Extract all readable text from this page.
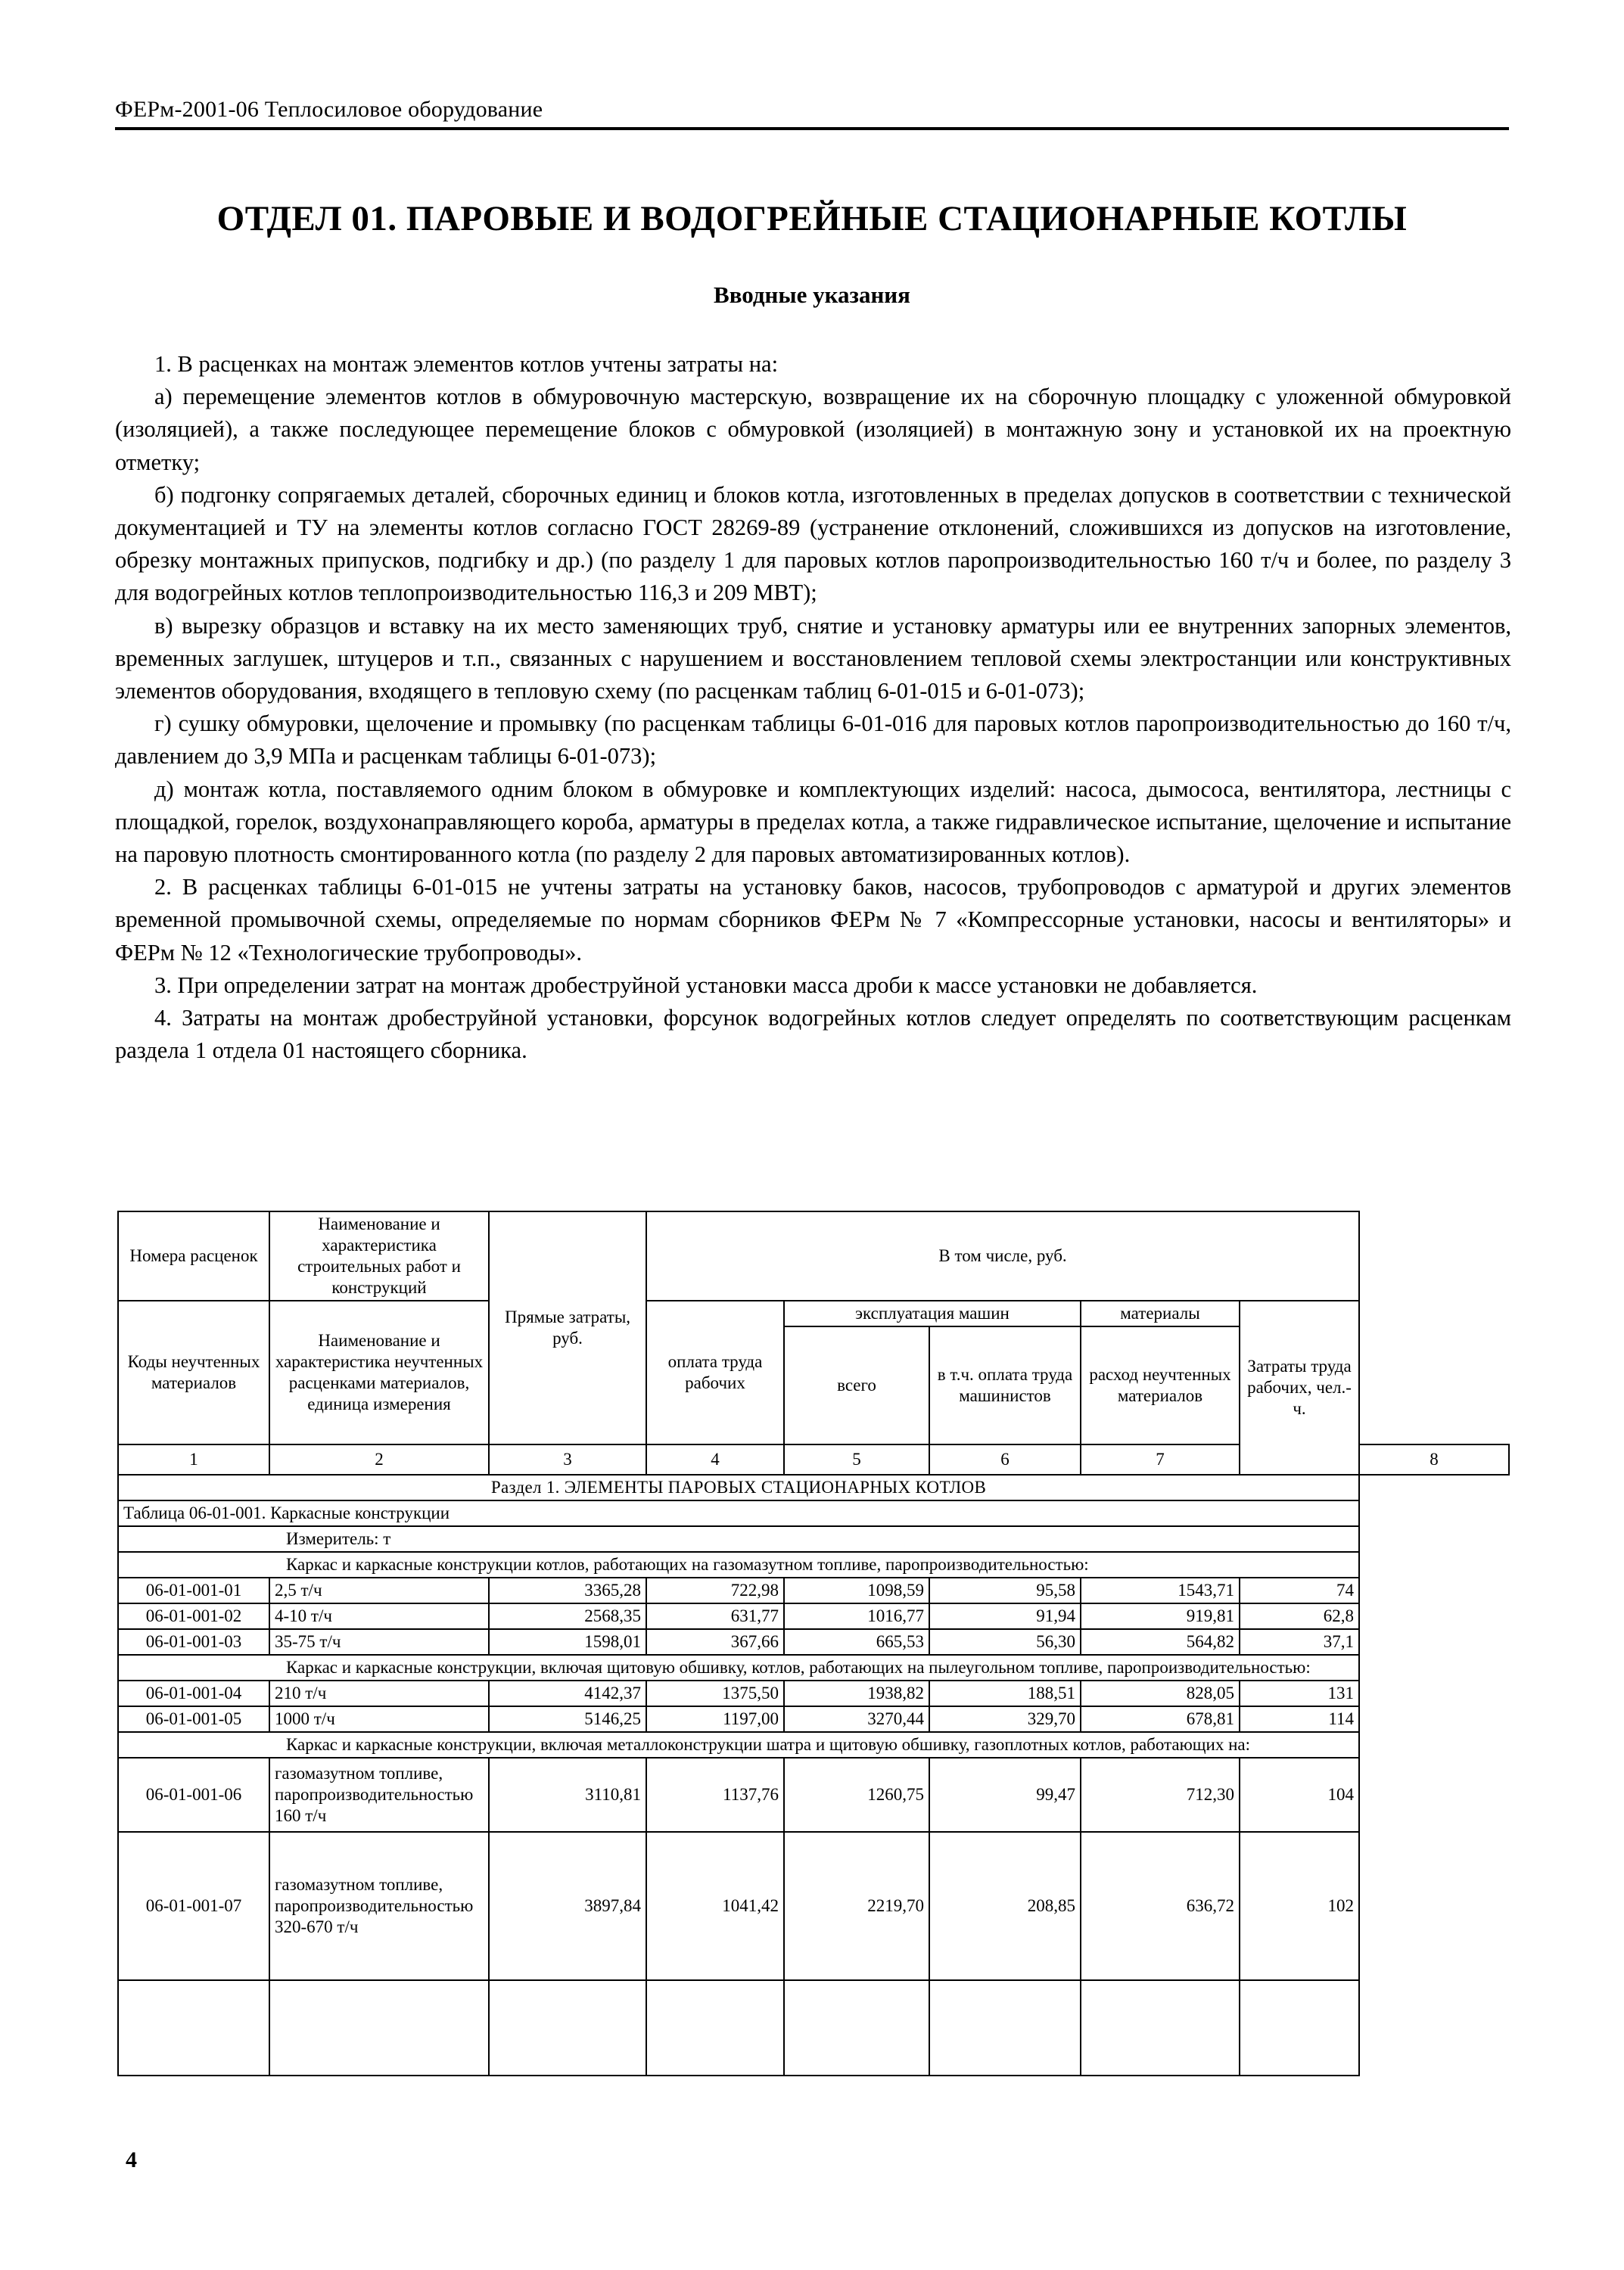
ФЕРм-2001-06 Теплосиловое оборудование
ОТДЕЛ 01. ПАРОВЫЕ И ВОДОГРЕЙНЫЕ СТАЦИОНАРНЫЕ КОТЛЫ
Вводные указания

1. В расценках на монтаж элементов котлов учтены затраты на:

а) перемещение элементов котлов в обмуровочную мастерскую, возвращение их на сборочную площадку с уложенной обмуровкой (изоляцией), а также последующее перемещение блоков с обмуровкой (изоляцией) в монтажную зону и установкой их на проектную отметку;

б) подгонку сопрягаемых деталей, сборочных единиц и блоков котла, изготовленных в пределах допусков в соответствии с технической документацией и ТУ на элементы котлов согласно ГОСТ 28269-89 (устранение отклонений, сложившихся из допусков на изготовление, обрезку монтажных припусков, подгибку и др.) (по разделу 1 для паровых котлов паропроизводительностью 160 т/ч и более, по разделу 3 для водогрейных котлов теплопроизводительностью 116,3 и 209 МВТ);

в) вырезку образцов и вставку на их место заменяющих труб, снятие и установку арматуры или ее внутренних запорных элементов, временных заглушек, штуцеров и т.п., связанных с нарушением и восстановлением тепловой схемы электростанции или конструктивных элементов оборудования, входящего в тепловую схему (по расценкам таблиц 6-01-015 и 6-01-073);

г) сушку обмуровки, щелочение и промывку (по расценкам таблицы 6-01-016 для паровых котлов паропроизводительностью до 160 т/ч, давлением до 3,9 МПа и расценкам таблицы 6-01-073);

д) монтаж котла, поставляемого одним блоком в обмуровке и комплектующих изделий: насоса, дымососа, вентилятора, лестницы с площадкой, горелок, воздухонаправляющего короба, арматуры в пределах котла, а также гидравлическое испытание, щелочение и испытание на паровую плотность смонтированного котла (по разделу 2 для паровых автоматизированных котлов).

2. В расценках таблицы 6-01-015 не учтены затраты на установку баков, насосов, трубопроводов с арматурой и других элементов временной промывочной схемы, определяемые по нормам сборников ФЕРм № 7 «Компрессорные установки, насосы и вентиляторы» и ФЕРм № 12 «Технологические трубопроводы».

3. При определении затрат на монтаж дробеструйной установки масса дроби к массе установки не добавляется.

4. Затраты на монтаж дробеструйной установки, форсунок водогрейных котлов следует определять по соответствующим расценкам раздела 1 отдела 01 настоящего сборника.

Номера расценок	Наименование и характеристика строительных работ и конструкций	Прямые затраты, руб.	В том числе, руб.					
Коды неучтенных материалов	Наименование и характеристика неучтенных расценками материалов, единица измерения		оплата труда рабочих	эксплуатация машин		материалы	Затраты труда рабочих, чел.-ч.	
				всего	в т.ч. оплата труда машинистов	расход неучтенных материалов		
1	2	3	4	5	6	7		8
Раздел 1. ЭЛЕМЕНТЫ ПАРОВЫХ СТАЦИОНАРНЫХ КОТЛОВ								
Таблица 06-01-001. Каркасные конструкции								
	Измеритель: т							
	Каркас и каркасные конструкции котлов, работающих на газомазутном топливе, паропроизводительностью:							
06-01-001-01	2,5 т/ч	3365,28	722,98	1098,59	95,58	1543,71	74	
06-01-001-02	4-10 т/ч	2568,35	631,77	1016,77	91,94	919,81	62,8	
06-01-001-03	35-75 т/ч	1598,01	367,66	665,53	56,30	564,82	37,1	
	Каркас и каркасные конструкции, включая щитовую обшивку, котлов, работающих на пылеугольном топливе, паропроизводительностью:							
06-01-001-04	210 т/ч	4142,37	1375,50	1938,82	188,51	828,05	131	
06-01-001-05	1000 т/ч	5146,25	1197,00	3270,44	329,70	678,81	114	
	Каркас и каркасные конструкции, включая металлоконструкции шатра и щитовую обшивку, газоплотных котлов, работающих на:							
06-01-001-06	газомазутном топливе, паропроизводительностью 160 т/ч	3110,81	1137,76	1260,75	99,47	712,30	104	
06-01-001-07	газомазутном топливе, паропроизводительностью 320-670 т/ч	3897,84	1041,42	2219,70	208,85	636,72	102	

4
